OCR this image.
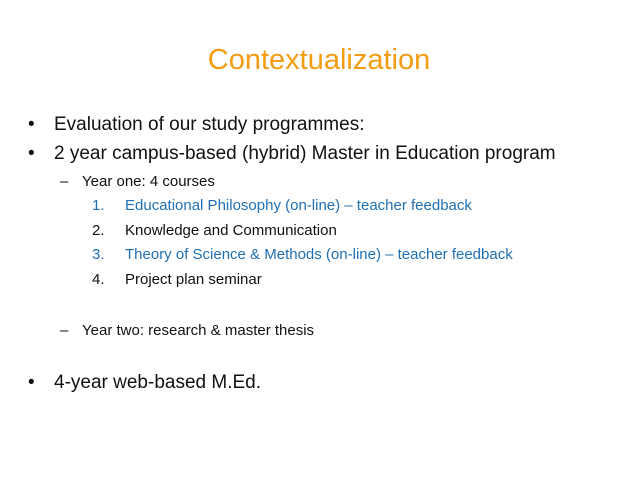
Contextualization
•	Evaluation of our study programmes:
•	2 year campus-based (hybrid) Master in Education program
– Year one: 4 courses
1.	Educational Philosophy (on-line) – teacher feedback
2.	Knowledge and Communication
3.	Theory of Science & Methods (on-line) – teacher feedback
4.	Project plan seminar
– Year two: research & master thesis
•	4-year web-based M.Ed.
